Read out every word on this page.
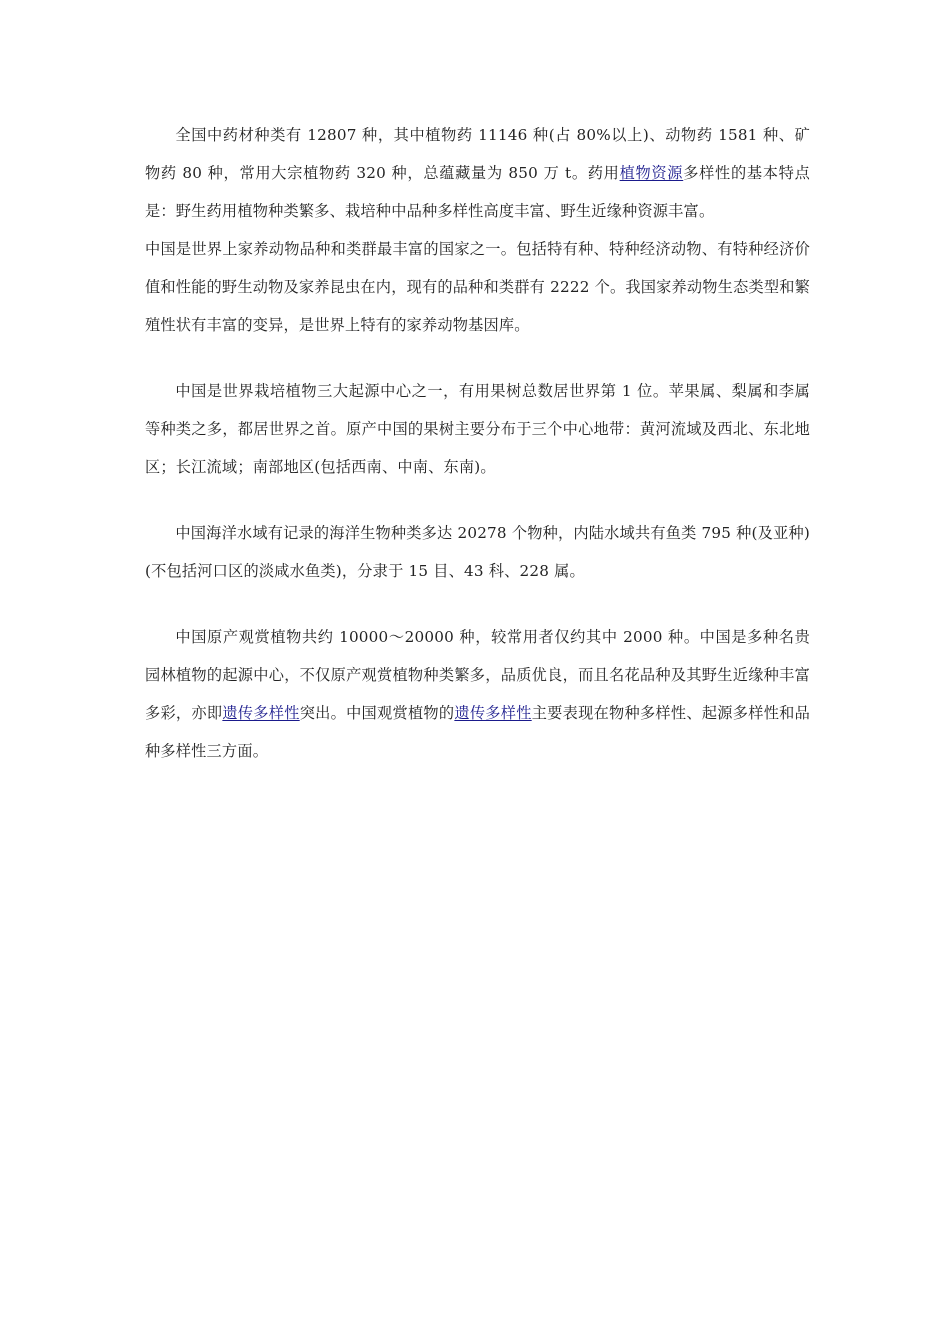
全国中药材种类有 12807 种，其中植物药 11146 种(占 80%以上)、动物药 1581 种、矿物药 80 种，常用大宗植物药 320 种，总蕴藏量为 850 万 t。药用植物资源多样性的基本特点是：野生药用植物种类繁多、栽培种中品种多样性高度丰富、野生近缘种资源丰富。

中国是世界上家养动物品种和类群最丰富的国家之一。包括特有种、特种经济动物、有特种经济价值和性能的野生动物及家养昆虫在内，现有的品种和类群有 2222 个。我国家养动物生态类型和繁殖性状有丰富的变异，是世界上特有的家养动物基因库。

中国是世界栽培植物三大起源中心之一，有用果树总数居世界第 1 位。苹果属、梨属和李属等种类之多，都居世界之首。原产中国的果树主要分布于三个中心地带：黄河流域及西北、东北地区；长江流域；南部地区(包括西南、中南、东南)。

中国海洋水域有记录的海洋生物种类多达 20278 个物种，内陆水域共有鱼类 795 种(及亚种)(不包括河口区的淡咸水鱼类)，分隶于 15 目、43 科、228 属。

中国原产观赏植物共约 10000～20000 种，较常用者仅约其中 2000 种。中国是多种名贵园林植物的起源中心，不仅原产观赏植物种类繁多，品质优良，而且名花品种及其野生近缘种丰富多彩，亦即遗传多样性突出。中国观赏植物的遗传多样性主要表现在物种多样性、起源多样性和品种多样性三方面。
